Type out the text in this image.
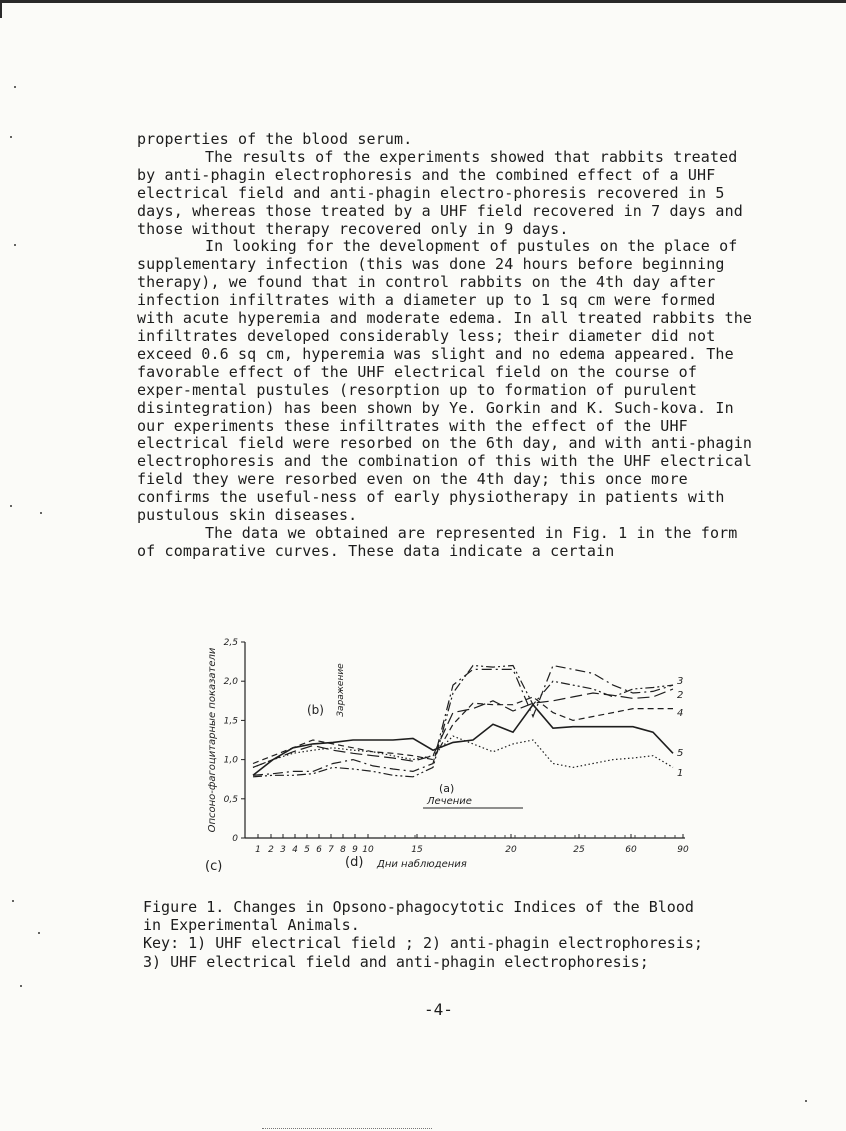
properties of the blood serum.

The results of the experiments showed that rabbits treated by anti-phagin electrophoresis and the combined effect of a UHF electrical field and anti-phagin electro-phoresis recovered in 5 days, whereas those treated by a UHF field recovered in 7 days and those without therapy recovered only in 9 days.

In looking for the development of pustules on the place of supplementary infection (this was done 24 hours before beginning therapy), we found that in control rabbits on the 4th day after infection infiltrates with a diameter up to 1 sq cm were formed with acute hyperemia and moderate edema. In all treated rabbits the infiltrates developed considerably less; their diameter did not exceed 0.6 sq cm, hyperemia was slight and no edema appeared. The favorable effect of the UHF electrical field on the course of exper-mental pustules (resorption up to formation of purulent disintegration) has been shown by Ye. Gorkin and K. Such-kova. In our experiments these infiltrates with the effect of the UHF electrical field were resorbed on the 6th day, and with anti-phagin electrophoresis and the combination of this with the UHF electrical field they were resorbed even on the 4th day; this once more confirms the useful-ness of early physiotherapy in patients with pustulous skin diseases.

The data we obtained are represented in Fig. 1 in the form of comparative curves. These data indicate a certain

0
0,5
1,0
1,5
2,0
2,5
1 2 3 4 5 6 7 8 9 10	15	20	25	60	90
3
2
4
5
1
Опсоно-фагоцитарные показатели	Заражение
(b)
(a)
Лечение
(c)	(d) Дни наблюдения

Figure 1. Changes in Opsono-phagocytotic Indices of the Blood

in Experimental Animals.

Key: 1) UHF electrical field ; 2) anti-phagin electrophoresis;

3) UHF electrical field and anti-phagin electrophoresis;

-4-
